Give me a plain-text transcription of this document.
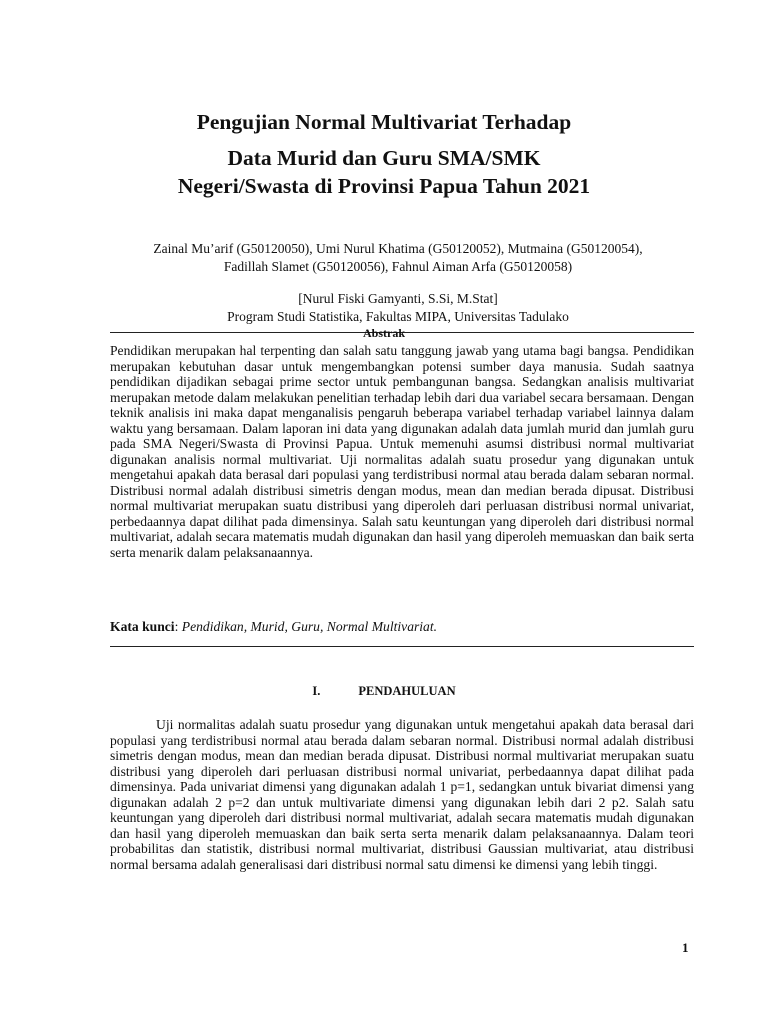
Pengujian Normal Multivariat Terhadap
Data Murid dan Guru SMA/SMK
Negeri/Swasta di Provinsi Papua Tahun 2021
Zainal Mu’arif (G50120050), Umi Nurul Khatima (G50120052), Mutmaina (G50120054),
Fadillah Slamet (G50120056), Fahnul Aiman Arfa (G50120058)
[Nurul Fiski Gamyanti, S.Si, M.Stat]
Program Studi Statistika, Fakultas MIPA, Universitas Tadulako
Abstrak
Pendidikan merupakan hal terpenting dan salah satu tanggung jawab yang utama bagi bangsa. Pendidikan merupakan kebutuhan dasar untuk mengembangkan potensi sumber daya manusia. Sudah saatnya pendidikan dijadikan sebagai prime sector untuk pembangunan bangsa. Sedangkan analisis multivariat merupakan metode dalam melakukan penelitian terhadap lebih dari dua variabel secara bersamaan. Dengan teknik analisis ini maka dapat menganalisis pengaruh beberapa variabel terhadap variabel lainnya dalam waktu yang bersamaan. Dalam laporan ini data yang digunakan adalah data jumlah murid dan jumlah guru pada SMA Negeri/Swasta di Provinsi Papua. Untuk memenuhi asumsi distribusi normal multivariat digunakan analisis normal multivariat. Uji normalitas adalah suatu prosedur yang digunakan untuk mengetahui apakah data berasal dari populasi yang terdistribusi normal atau berada dalam sebaran normal. Distribusi normal adalah distribusi simetris dengan modus, mean dan median berada dipusat. Distribusi normal multivariat merupakan suatu distribusi yang diperoleh dari perluasan distribusi normal univariat, perbedaannya dapat dilihat pada dimensinya. Salah satu keuntungan yang diperoleh dari distribusi normal multivariat, adalah secara matematis mudah digunakan dan hasil yang diperoleh memuaskan dan baik serta serta menarik dalam pelaksanaannya.
Kata kunci: Pendidikan, Murid, Guru, Normal Multivariat.
I.	PENDAHULUAN
Uji normalitas adalah suatu prosedur yang digunakan untuk mengetahui apakah data berasal dari populasi yang terdistribusi normal atau berada dalam sebaran normal. Distribusi normal adalah distribusi simetris dengan modus, mean dan median berada dipusat. Distribusi normal multivariat merupakan suatu distribusi yang diperoleh dari perluasan distribusi normal univariat, perbedaannya dapat dilihat pada dimensinya. Pada univariat dimensi yang digunakan adalah 1 p=1, sedangkan untuk bivariat dimensi yang digunakan adalah 2 p=2 dan untuk multivariate dimensi yang digunakan lebih dari 2 p2. Salah satu keuntungan yang diperoleh dari distribusi normal multivariat, adalah secara matematis mudah digunakan dan hasil yang diperoleh memuaskan dan baik serta serta menarik dalam pelaksanaannya. Dalam teori probabilitas dan statistik, distribusi normal multivariat, distribusi Gaussian multivariat, atau distribusi normal bersama adalah generalisasi dari distribusi normal satu dimensi ke dimensi yang lebih tinggi.
1
